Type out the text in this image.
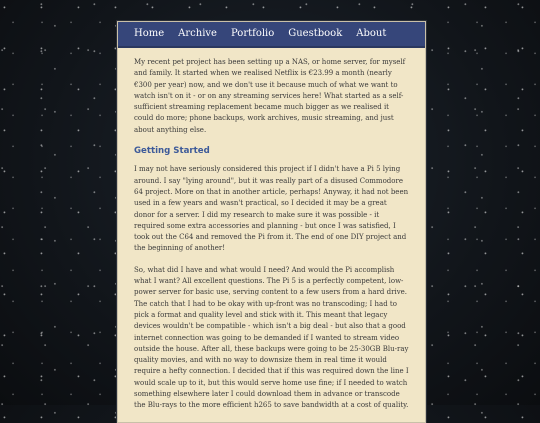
Home Archive Portfolio Guestbook About

My recent pet project has been setting up a NAS, or home server, for myself and family. It started when we realised Netflix is €23.99 a month (nearly €300 per year) now, and we don't use it because much of what we want to watch isn't on it - or on any streaming services here! What started as a self-sufficient streaming replacement became much bigger as we realised it could do more; phone backups, work archives, music streaming, and just about anything else.

Getting Started

I may not have seriously considered this project if I didn't have a Pi 5 lying around. I say "lying around", but it was really part of a disused Commodore 64 project. More on that in another article, perhaps! Anyway, it had not been used in a few years and wasn't practical, so I decided it may be a great donor for a server. I did my research to make sure it was possible - it required some extra accessories and planning - but once I was satisfied, I took out the C64 and removed the Pi from it. The end of one DIY project and the beginning of another!

So, what did I have and what would I need? And would the Pi accomplish what I want? All excellent questions. The Pi 5 is a perfectly competent, low-power server for basic use, serving content to a few users from a hard drive. The catch that I had to be okay with up-front was no transcoding; I had to pick a format and quality level and stick with it. This meant that legacy devices wouldn't be compatible - which isn't a big deal - but also that a good internet connection was going to be demanded if I wanted to stream video outside the house. After all, these backups were going to be 25-30GB Blu-ray quality movies, and with no way to downsize them in real time it would require a hefty connection. I decided that if this was required down the line I would scale up to it, but this would serve home use fine; if I needed to watch something elsewhere later I could download them in advance or transcode the Blu-rays to the more efficient h265 to save bandwidth at a cost of quality.
